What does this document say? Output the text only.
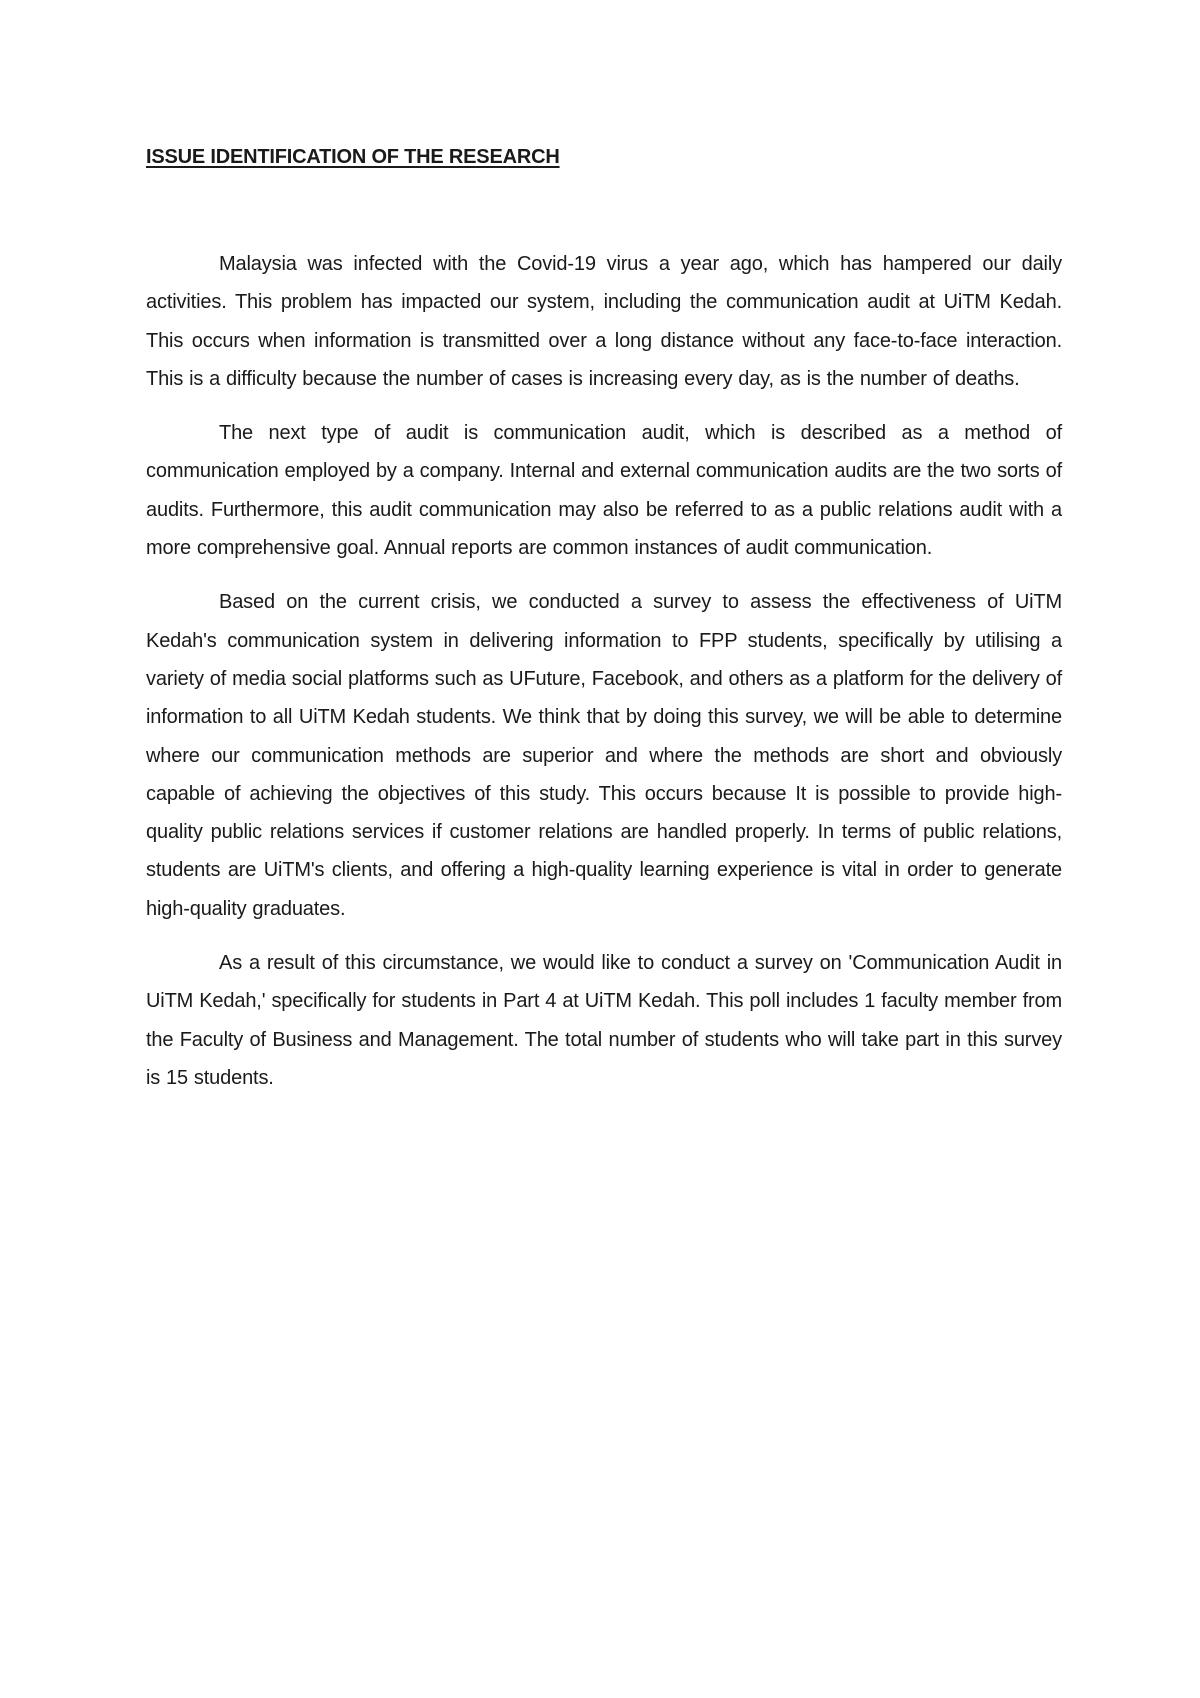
ISSUE IDENTIFICATION OF THE RESEARCH

Malaysia was infected with the Covid-19 virus a year ago, which has hampered our daily activities. This problem has impacted our system, including the communication audit at UiTM Kedah. This occurs when information is transmitted over a long distance without any face-to-face interaction. This is a difficulty because the number of cases is increasing every day, as is the number of deaths.

The next type of audit is communication audit, which is described as a method of communication employed by a company. Internal and external communication audits are the two sorts of audits. Furthermore, this audit communication may also be referred to as a public relations audit with a more comprehensive goal. Annual reports are common instances of audit communication.

Based on the current crisis, we conducted a survey to assess the effectiveness of UiTM Kedah's communication system in delivering information to FPP students, specifically by utilising a variety of media social platforms such as UFuture, Facebook, and others as a platform for the delivery of information to all UiTM Kedah students. We think that by doing this survey, we will be able to determine where our communication methods are superior and where the methods are short and obviously capable of achieving the objectives of this study. This occurs because It is possible to provide high-quality public relations services if customer relations are handled properly. In terms of public relations, students are UiTM's clients, and offering a high-quality learning experience is vital in order to generate high-quality graduates.

As a result of this circumstance, we would like to conduct a survey on 'Communication Audit in UiTM Kedah,' specifically for students in Part 4 at UiTM Kedah. This poll includes 1 faculty member from the Faculty of Business and Management. The total number of students who will take part in this survey is 15 students.
